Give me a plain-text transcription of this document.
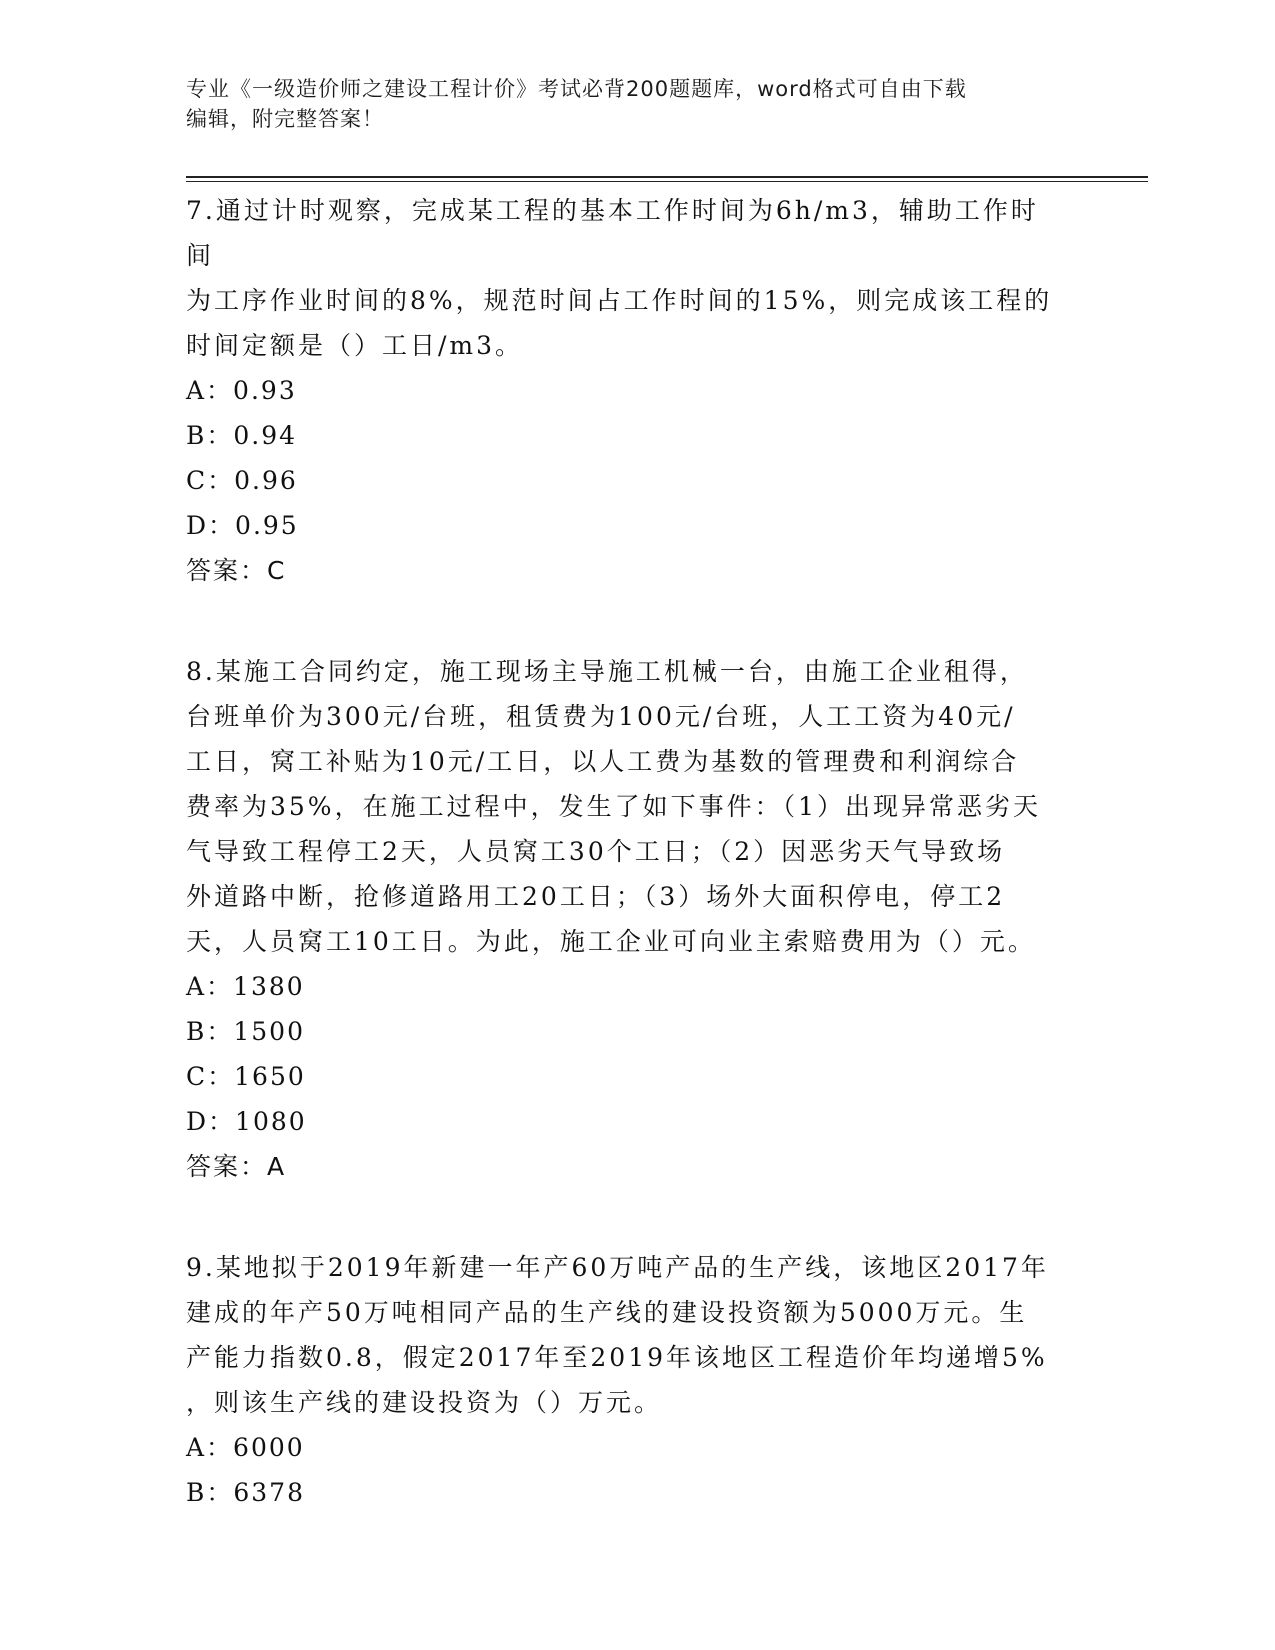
专业《一级造价师之建设工程计价》考试必背200题题库，word格式可自由下载
编辑，附完整答案！
7.通过计时观察，完成某工程的基本工作时间为6h/m3，辅助工作时间
为工序作业时间的8%，规范时间占工作时间的15%，则完成该工程的
时间定额是（）工日/m3。
A：0.93
B：0.94
C：0.96
D：0.95
答案：C
8.某施工合同约定，施工现场主导施工机械一台，由施工企业租得，
台班单价为300元/台班，租赁费为100元/台班，人工工资为40元/
工日，窝工补贴为10元/工日，以人工费为基数的管理费和利润综合
费率为35%，在施工过程中，发生了如下事件：（1）出现异常恶劣天
气导致工程停工2天，人员窝工30个工日；（2）因恶劣天气导致场
外道路中断，抢修道路用工20工日；（3）场外大面积停电，停工2
天，人员窝工10工日。为此，施工企业可向业主索赔费用为（）元。
A：1380
B：1500
C：1650
D：1080
答案：A
9.某地拟于2019年新建一年产60万吨产品的生产线，该地区2017年
建成的年产50万吨相同产品的生产线的建设投资额为5000万元。生
产能力指数0.8，假定2017年至2019年该地区工程造价年均递增5%
，则该生产线的建设投资为（）万元。
A：6000
B：6378
